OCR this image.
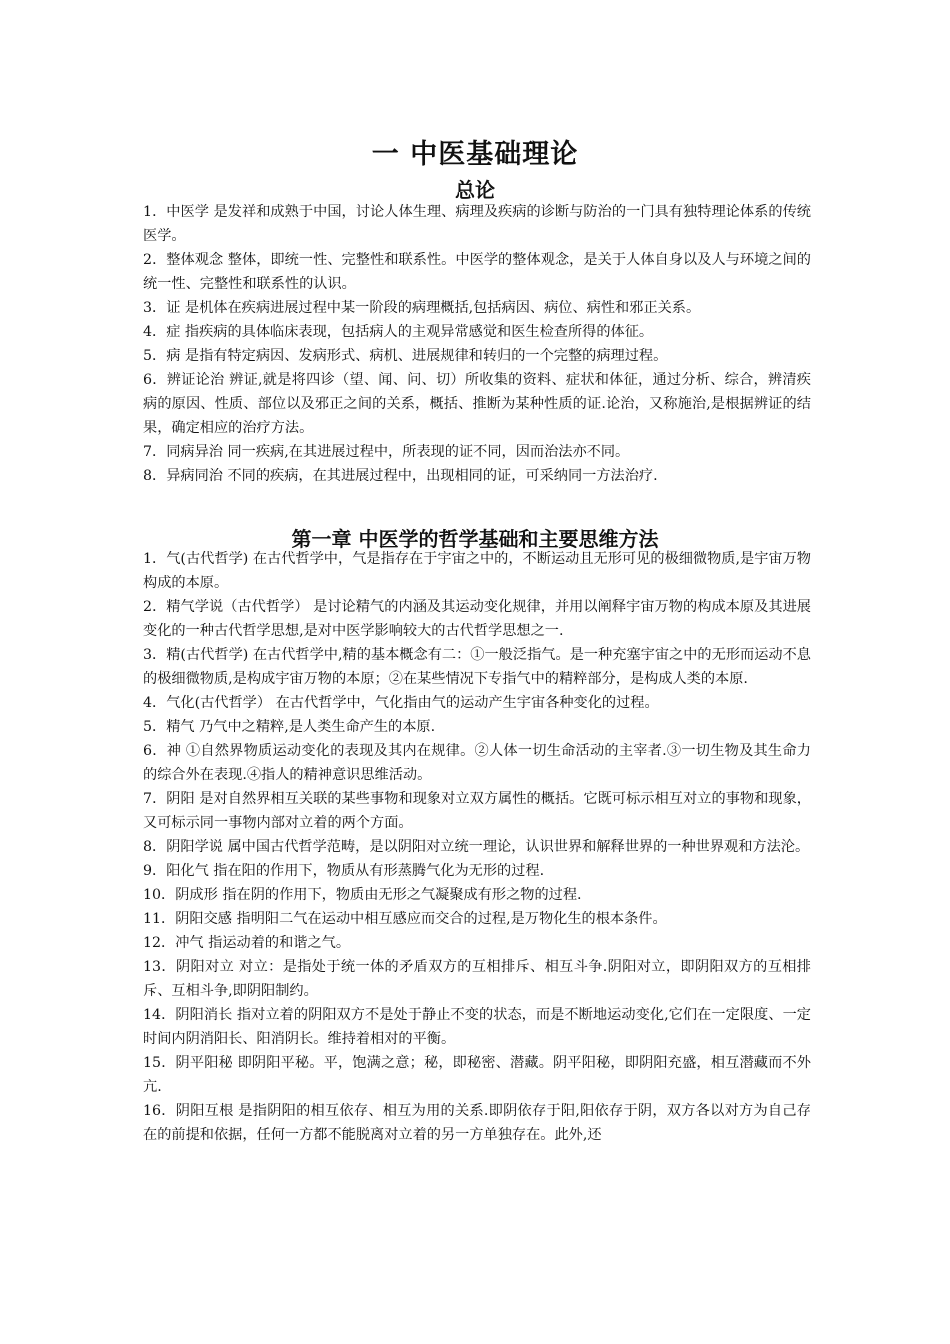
一 中医基础理论
总论

1．中医学 是发祥和成熟于中国，讨论人体生理、病理及疾病的诊断与防治的一门具有独特理论体系的传统医学。

2．整体观念 整体，即统一性、完整性和联系性。中医学的整体观念，是关于人体自身以及人与环境之间的统一性、完整性和联系性的认识。

3．证 是机体在疾病进展过程中某一阶段的病理概括,包括病因、病位、病性和邪正关系。

4．症 指疾病的具体临床表现，包括病人的主观异常感觉和医生检查所得的体征。

5．病 是指有特定病因、发病形式、病机、进展规律和转归的一个完整的病理过程。

6．辨证论治 辨证,就是将四诊（望、闻、问、切）所收集的资料、症状和体征，通过分析、综合，辨清疾病的原因、性质、部位以及邪正之间的关系，概括、推断为某种性质的证.论治，又称施治,是根据辨证的结果，确定相应的治疗方法。

7．同病异治 同一疾病,在其进展过程中，所表现的证不同，因而治法亦不同。

8．异病同治 不同的疾病，在其进展过程中，出现相同的证，可采纳同一方法治疗.

第一章 中医学的哲学基础和主要思维方法

1．气(古代哲学) 在古代哲学中，气是指存在于宇宙之中的，不断运动且无形可见的极细微物质,是宇宙万物构成的本原。

2．精气学说（古代哲学） 是讨论精气的内涵及其运动变化规律，并用以阐释宇宙万物的构成本原及其进展变化的一种古代哲学思想,是对中医学影响较大的古代哲学思想之一.

3．精(古代哲学) 在古代哲学中,精的基本概念有二：①一般泛指气。是一种充塞宇宙之中的无形而运动不息的极细微物质,是构成宇宙万物的本原；②在某些情况下专指气中的精粹部分，是构成人类的本原.

4．气化(古代哲学） 在古代哲学中，气化指由气的运动产生宇宙各种变化的过程。

5．精气 乃气中之精粹,是人类生命产生的本原.

6．神 ①自然界物质运动变化的表现及其内在规律。②人体一切生命活动的主宰者.③一切生物及其生命力的综合外在表现.④指人的精神意识思维活动。

7．阴阳 是对自然界相互关联的某些事物和现象对立双方属性的概括。它既可标示相互对立的事物和现象，又可标示同一事物内部对立着的两个方面。

8．阴阳学说 属中国古代哲学范畴，是以阴阳对立统一理论，认识世界和解释世界的一种世界观和方法沦。

9．阳化气 指在阳的作用下，物质从有形蒸腾气化为无形的过程.

10．阴成形 指在阴的作用下，物质由无形之气凝聚成有形之物的过程.

11．阴阳交感 指明阳二气在运动中相互感应而交合的过程,是万物化生的根本条件。

12．冲气 指运动着的和谐之气。

13．阴阳对立 对立：是指处于统一体的矛盾双方的互相排斥、相互斗争.阴阳对立，即阴阳双方的互相排斥、互相斗争,即阴阳制约。

14．阴阳消长 指对立着的阴阳双方不是处于静止不变的状态，而是不断地运动变化,它们在一定限度、一定时间内阴消阳长、阳消阴长。维持着相对的平衡。

15．阴平阳秘 即阴阳平秘。平，饱满之意；秘，即秘密、潜藏。阴平阳秘，即阴阳充盛，相互潜藏而不外亢.

16．阴阳互根 是指阴阳的相互依存、相互为用的关系.即阴依存于阳,阳依存于阴，双方各以对方为自己存在的前提和依据，任何一方都不能脱离对立着的另一方单独存在。此外,还
